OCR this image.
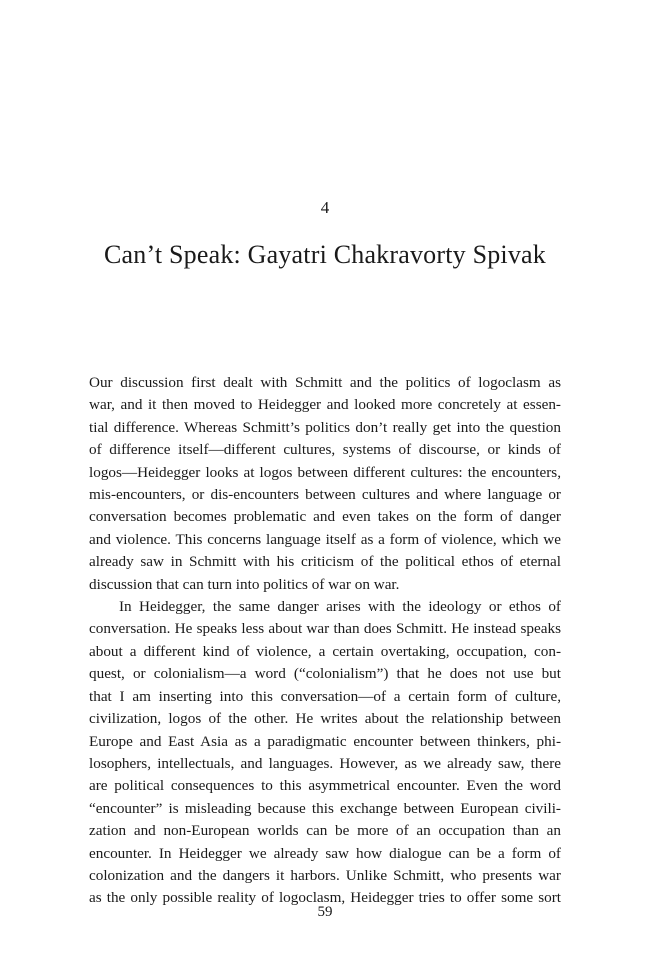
4
Can’t Speak: Gayatri Chakravorty Spivak
Our discussion first dealt with Schmitt and the politics of logoclasm as
war, and it then moved to Heidegger and looked more concretely at essen-
tial difference. Whereas Schmitt’s politics don’t really get into the question
of difference itself—different cultures, systems of discourse, or kinds of
logos—Heidegger looks at logos between different cultures: the encounters,
mis-encounters, or dis-encounters between cultures and where language or
conversation becomes problematic and even takes on the form of danger
and violence. This concerns language itself as a form of violence, which we
already saw in Schmitt with his criticism of the political ethos of eternal
discussion that can turn into politics of war on war.
In Heidegger, the same danger arises with the ideology or ethos of
conversation. He speaks less about war than does Schmitt. He instead speaks
about a different kind of violence, a certain overtaking, occupation, con-
quest, or colonialism—a word (“colonialism”) that he does not use but
that I am inserting into this conversation—of a certain form of culture,
civilization, logos of the other. He writes about the relationship between
Europe and East Asia as a paradigmatic encounter between thinkers, phi-
losophers, intellectuals, and languages. However, as we already saw, there
are political consequences to this asymmetrical encounter. Even the word
“encounter” is misleading because this exchange between European civili-
zation and non-European worlds can be more of an occupation than an
encounter. In Heidegger we already saw how dialogue can be a form of
colonization and the dangers it harbors. Unlike Schmitt, who presents war
as the only possible reality of logoclasm, Heidegger tries to offer some sort
59
